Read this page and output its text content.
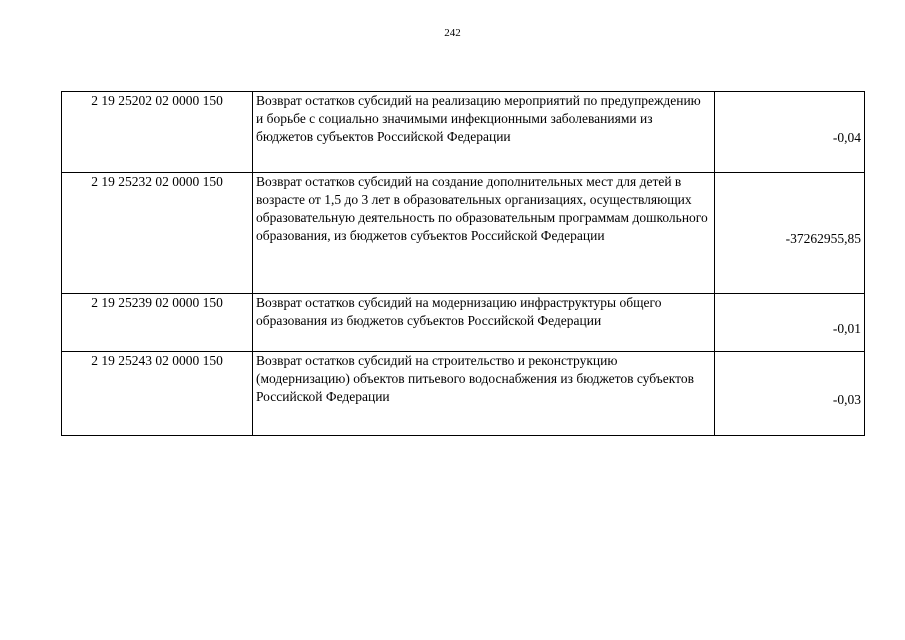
242
2 19 25202 02 0000 150	Возврат остатков субсидий на реализацию мероприятий по предупреждению и борьбе с социально значимыми инфекционными заболеваниями из бюджетов субъектов Российской Федерации	-0,04
2 19 25232 02 0000 150	Возврат остатков субсидий на создание дополнительных мест для детей в возрасте от 1,5 до 3 лет в образовательных организациях, осуществляющих образовательную деятельность по образовательным программам дошкольного образования, из бюджетов субъектов Российской Федерации	-37262955,85
2 19 25239 02 0000 150	Возврат остатков субсидий на модернизацию инфраструктуры общего образования из бюджетов субъектов Российской Федерации	-0,01
2 19 25243 02 0000 150	Возврат остатков субсидий на строительство и реконструкцию (модернизацию) объектов питьевого водоснабжения из бюджетов субъектов Российской Федерации	-0,03
